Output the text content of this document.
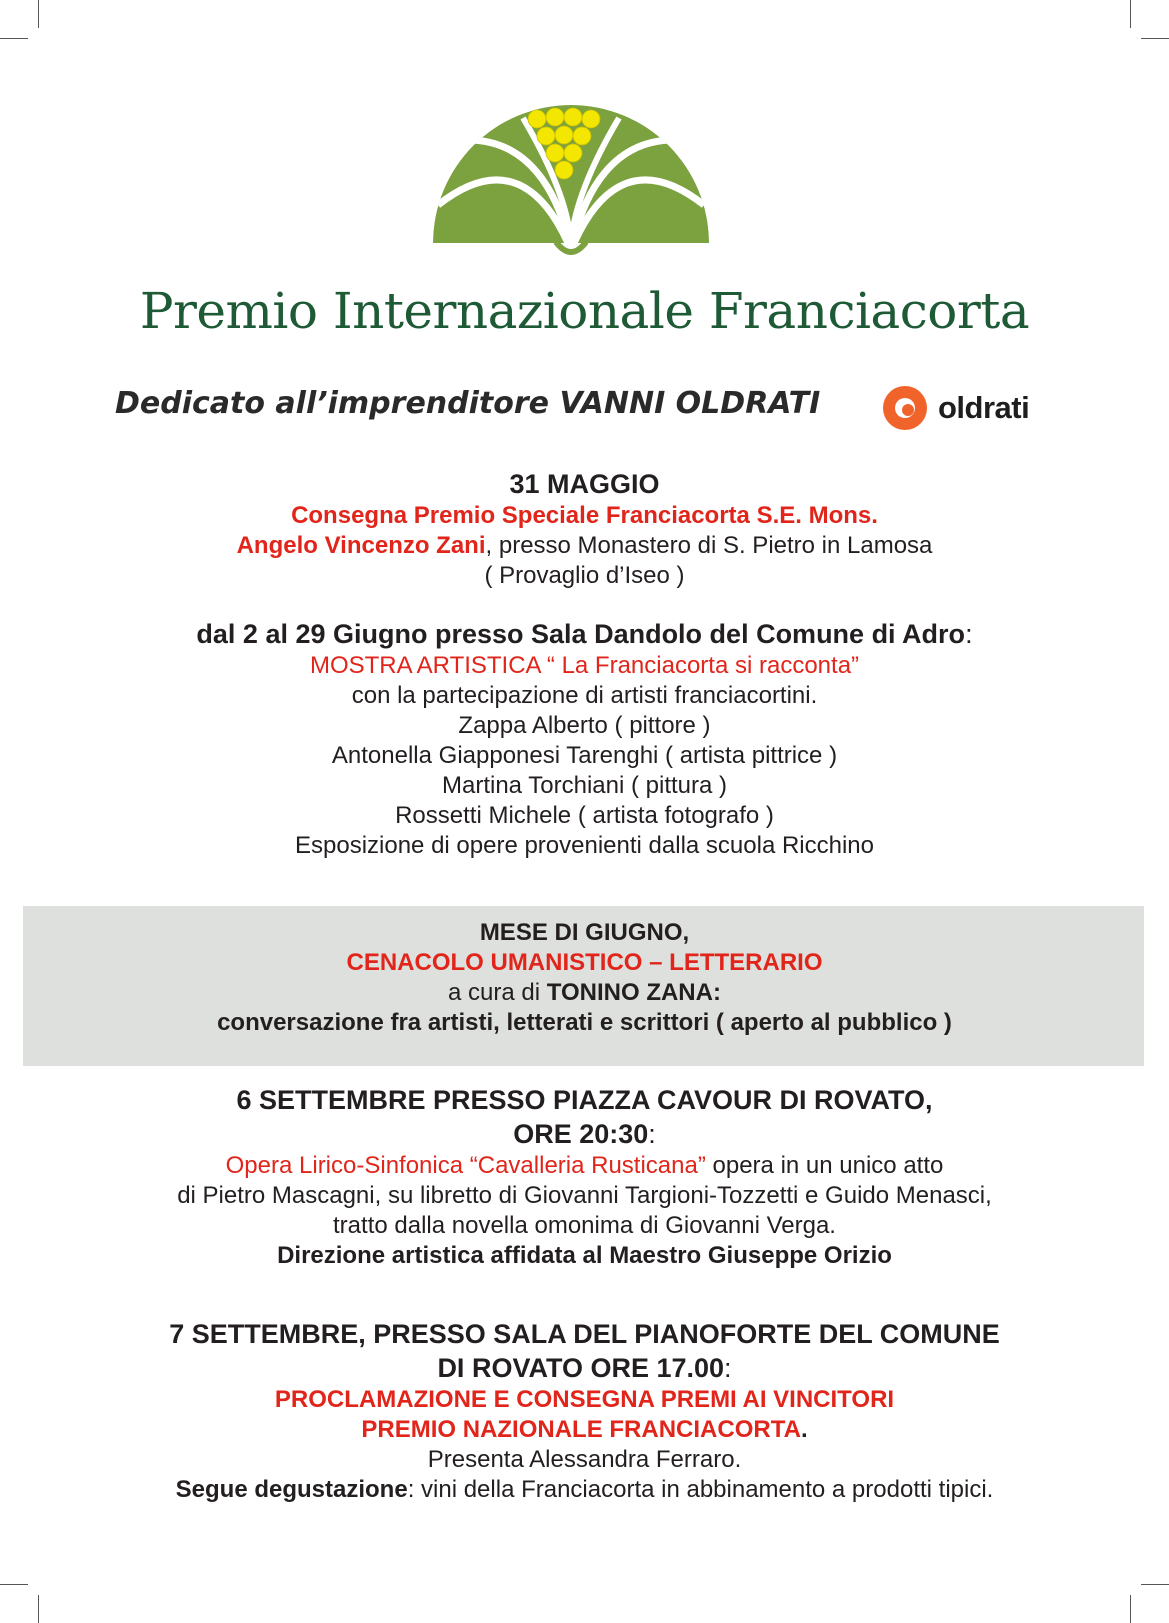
Premio Internazionale Franciacorta
Dedicato all’imprenditore VANNI OLDRATI	oldrati
31 MAGGIO
Consegna Premio Speciale Franciacorta S.E. Mons.
Angelo Vincenzo Zani, presso Monastero di S. Pietro in Lamosa
( Provaglio d’Iseo )
dal 2 al 29 Giugno presso Sala Dandolo del Comune di Adro:
MOSTRA ARTISTICA “ La Franciacorta si racconta”
con la partecipazione di artisti franciacortini.
Zappa Alberto ( pittore )
Antonella Giapponesi Tarenghi ( artista pittrice )
Martina Torchiani ( pittura )
Rossetti Michele ( artista fotografo )
Esposizione di opere provenienti dalla scuola Ricchino
MESE DI GIUGNO,
CENACOLO UMANISTICO – LETTERARIO
a cura di TONINO ZANA:
conversazione fra artisti, letterati e scrittori ( aperto al pubblico )
6 SETTEMBRE PRESSO PIAZZA CAVOUR DI ROVATO,
ORE 20:30:
Opera Lirico-Sinfonica “Cavalleria Rusticana” opera in un unico atto
di Pietro Mascagni, su libretto di Giovanni Targioni-Tozzetti e Guido Menasci,
tratto dalla novella omonima di Giovanni Verga.
Direzione artistica affidata al Maestro Giuseppe Orizio
7 SETTEMBRE, PRESSO SALA DEL PIANOFORTE DEL COMUNE
DI ROVATO ORE 17.00:
PROCLAMAZIONE E CONSEGNA PREMI AI VINCITORI
PREMIO NAZIONALE FRANCIACORTA.
Presenta Alessandra Ferraro.
Segue degustazione: vini della Franciacorta in abbinamento a prodotti tipici.
